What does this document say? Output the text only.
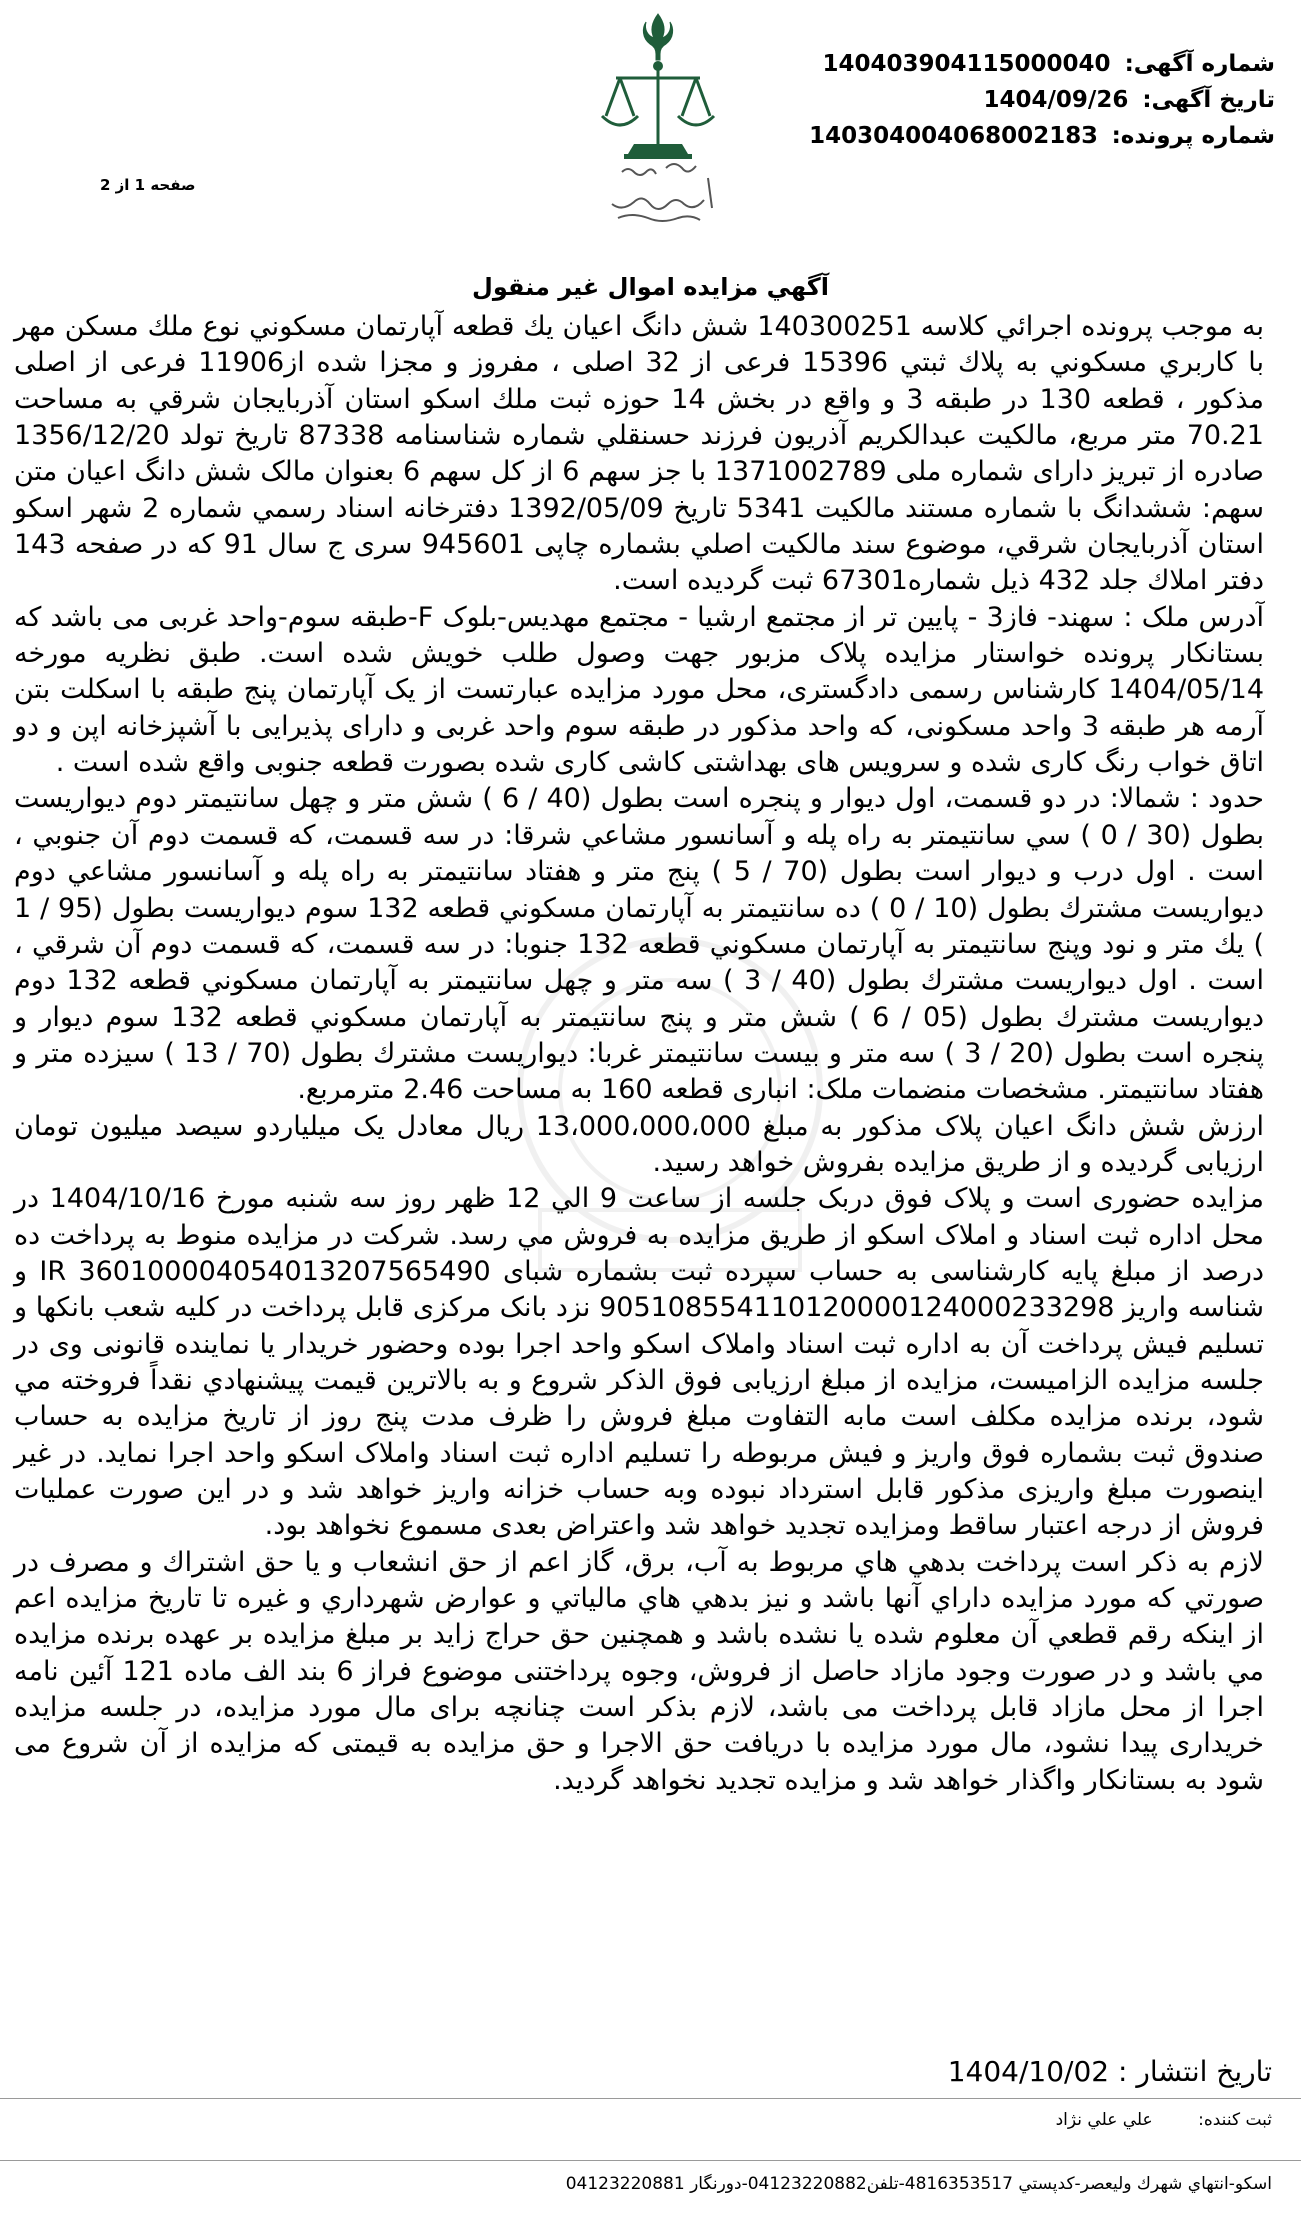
شماره آگهی: 140403904115000040
تاریخ آگهی: 1404/09/26
شماره پرونده: 14030400406800218З
صفحه 1 از 2
آگهي مزايده اموال غير منقول

به موجب پرونده اجرائي كلاسه 140300251 شش دانگ اعيان يك قطعه آپارتمان مسكوني نوع ملك مسكن مهر با كاربري مسكوني به پلاك ثبتي 15396 فرعی از 32 اصلی ، مفروز و مجزا شده از11906 فرعی از اصلی مذکور ، قطعه 130 در طبقه 3 و واقع در بخش 14 حوزه ثبت ملك اسكو استان آذربايجان شرقي به مساحت 70.21 متر مربع، مالكيت عبدالكريم آذریون فرزند حسنقلي شماره شناسنامه 87338 تاريخ تولد 1356/12/20 صادره از تبریز دارای شماره ملی 1371002789 با جز سهم 6 از کل سهم 6 بعنوان مالک شش دانگ اعيان متن سهم: ششدانگ با شماره مستند مالكيت 5341 تاريخ 1392/05/09 دفترخانه اسناد رسمي شماره 2 شهر اسکو استان آذربايجان شرقي، موضوع سند مالكيت اصلي بشماره چاپی 945601 سری ج سال 91 كه در صفحه 143 دفتر املاك جلد 432 ذيل شماره67301 ثبت گرديده است.

آدرس ملک : سهند- فاز3 - پایین تر از مجتمع ارشیا - مجتمع مهدیس-بلوک F-طبقه سوم-واحد غربی می باشد که بستانکار پرونده خواستار مزایده پلاک مزبور جهت وصول طلب خویش شده است. طبق نظریه مورخه 1404/05/14 کارشناس رسمی دادگستری، محل مورد مزایده عبارتست از یک آپارتمان پنج طبقه با اسکلت بتن آرمه هر طبقه 3 واحد مسکونی، که واحد مذکور در طبقه سوم واحد غربی و دارای پذیرایی با آشپزخانه اپن و دو اتاق خواب رنگ کاری شده و سرویس های بهداشتی کاشی کاری شده بصورت قطعه جنوبی واقع شده است .

حدود : شمالا: در دو قسمت، اول ديوار و پنجره است بطول (40 / 6 ) شش متر و چهل سانتيمتر دوم ديواريست بطول (30 / 0 ) سي سانتيمتر به راه پله و آسانسور مشاعي شرقا: در سه قسمت، كه قسمت دوم آن جنوبي ، است . اول درب و ديوار است بطول (70 / 5 ) پنج متر و هفتاد سانتيمتر به راه پله و آسانسور مشاعي دوم ديواريست مشترك بطول (10 / 0 ) ده سانتيمتر به آپارتمان مسكوني قطعه 132 سوم ديواريست بطول (95 / 1 ) يك متر و نود وپنج سانتيمتر به آپارتمان مسكوني قطعه 132 جنوبا: در سه قسمت، كه قسمت دوم آن شرقي ، است . اول ديواريست مشترك بطول (40 / 3 ) سه متر و چهل سانتيمتر به آپارتمان مسكوني قطعه 132 دوم ديواريست مشترك بطول (05 / 6 ) شش متر و پنج سانتيمتر به آپارتمان مسكوني قطعه 132 سوم ديوار و پنجره است بطول (20 / 3 ) سه متر و بيست سانتيمتر غربا: ديواريست مشترك بطول (70 / 13 ) سيزده متر و هفتاد سانتيمتر. مشخصات منضمات ملک: انباری قطعه 160 به مساحت 2.46 مترمربع.

ارزش شش دانگ اعیان پلاک مذکور به مبلغ 13،000،000،000 ریال معادل یک میلیاردو سیصد میلیون تومان ارزیابی گردیده و از طریق مزایده بفروش خواهد رسید.

مزايده حضوری است و پلاک فوق دربک جلسه از ساعت 9 الي 12 ظهر روز سه شنبه مورخ 1404/10/16 در محل اداره ثبت اسناد و املاک اسکو از طريق مزايده به فروش مي رسد. شرکت در مزایده منوط به پرداخت ده درصد از مبلغ پایه کارشناسی به حساب سپرده ثبت بشماره شبای IR 360100004054013207565490 و شناسه واریز 905108554110120000124000233298 نزد بانک مرکزی قابل پرداخت در کلیه شعب بانکها و تسلیم فیش پرداخت آن به اداره ثبت اسناد واملاک اسکو واحد اجرا بوده وحضور خریدار یا نماینده قانونی وی در جلسه مزایده الزامیست، مزايده از مبلغ ارزیابی فوق الذکر شروع و به بالاترين قيمت پيشنهادي نقداً فروخته مي شود، برنده مزايده مكلف است مابه التفاوت مبلغ فروش را ظرف مدت پنج روز از تاريخ مزايده به حساب صندوق ثبت بشماره فوق واريز و فيش مربوطه را تسليم اداره ثبت اسناد واملاک اسکو واحد اجرا نمايد. در غیر اینصورت مبلغ واریزی مذکور قابل استرداد نبوده وبه حساب خزانه واریز خواهد شد و در این صورت عملیات فروش از درجه اعتبار ساقط ومزایده تجدید خواهد شد واعتراض بعدی مسموع نخواهد بود.

لازم به ذكر است پرداخت بدهي هاي مربوط به آب، برق، گاز اعم از حق انشعاب و يا حق اشتراك و مصرف در صورتي كه مورد مزايده داراي آنها باشد و نيز بدهي هاي مالياتي و عوارض شهرداري و غيره تا تاريخ مزايده اعم از اينكه رقم قطعي آن معلوم شده يا نشده باشد و همچنين حق حراج زاید بر مبلغ مزایده بر عهده برنده مزايده مي باشد و در صورت وجود مازاد حاصل از فروش، وجوه پرداختنی موضوع فراز 6 بند الف ماده 121 آئین نامه اجرا از محل مازاد قابل پرداخت می باشد، لازم بذکر است چنانچه برای مال مورد مزایده، در جلسه مزایده خریداری پیدا نشود، مال مورد مزایده با دریافت حق الاجرا و حق مزایده به قیمتی که مزایده از آن شروع می شود به بستانکار واگذار خواهد شد و مزایده تجدید نخواهد گردید.

تاريخ انتشار : 1404/10/02
ثبت کننده: علي علي نژاد
اسکو-انتهاي شهرك وليعصر-كدپستي 4816353517-تلفن04123220882-دورنگار 04123220881
